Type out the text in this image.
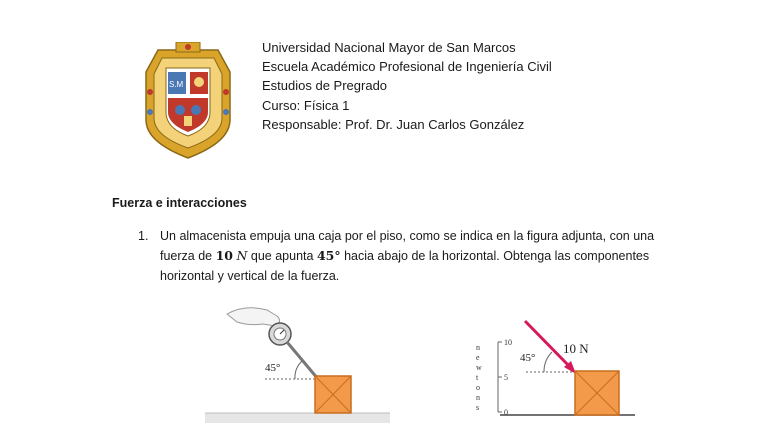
S.M
Universidad Nacional Mayor de San Marcos
Escuela Académico Profesional de Ingeniería Civil
Estudios de Pregrado
Curso: Física 1
Responsable: Prof. Dr. Juan Carlos González
Fuerza e interacciones
1. Un almacenista empuja una caja por el piso, como se indica en la figura adjunta, con una fuerza de 10 N que apunta 45° hacia abajo de la horizontal. Obtenga las componentes horizontal y vertical de la fuerza.
45°
10
5
0
n
e
w
t
o
n
s
45°
10 N
